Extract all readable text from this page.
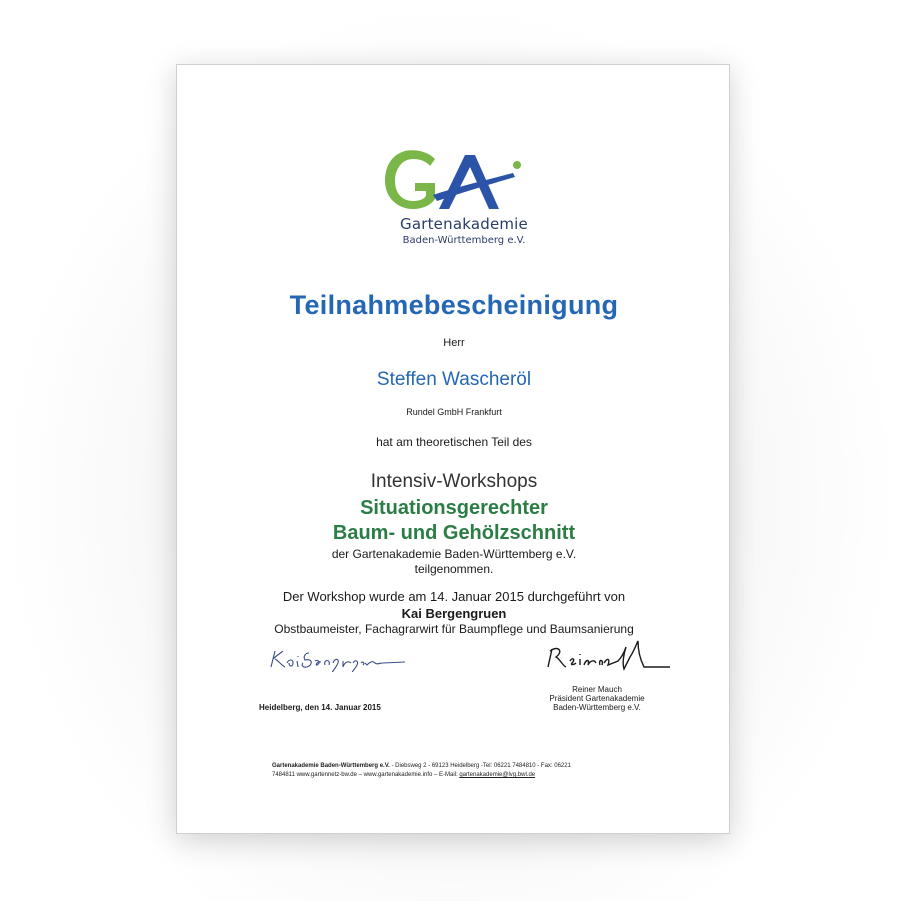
Gartenakademie
Baden-Württemberg e.V.

Teilnahmebescheinigung

Herr

Steffen Wascheröl

Rundel GmbH Frankfurt

hat am theoretischen Teil des

Intensiv-Workshops

Situationsgerechter

Baum- und Gehölzschnitt

der Gartenakademie Baden-Württemberg e.V.

teilgenommen.

Der Workshop wurde am 14. Januar 2015 durchgeführt von

Kai Bergengruen

Obstbaumeister, Fachagrarwirt für Baumpflege und Baumsanierung

Reiner Mauch
Präsident Gartenakademie
Baden-Württemberg e.V.
Heidelberg, den 14. Januar 2015
Gartenakademie Baden-Württemberg e.V. - Diebsweg 2 - 69123 Heidelberg -Tel: 06221 7484810 - Fax: 06221
7484811 www.gartennetz-bw.de – www.gartenakademie.info – E-Mail: gartenakademie@lvg.bwl.de
